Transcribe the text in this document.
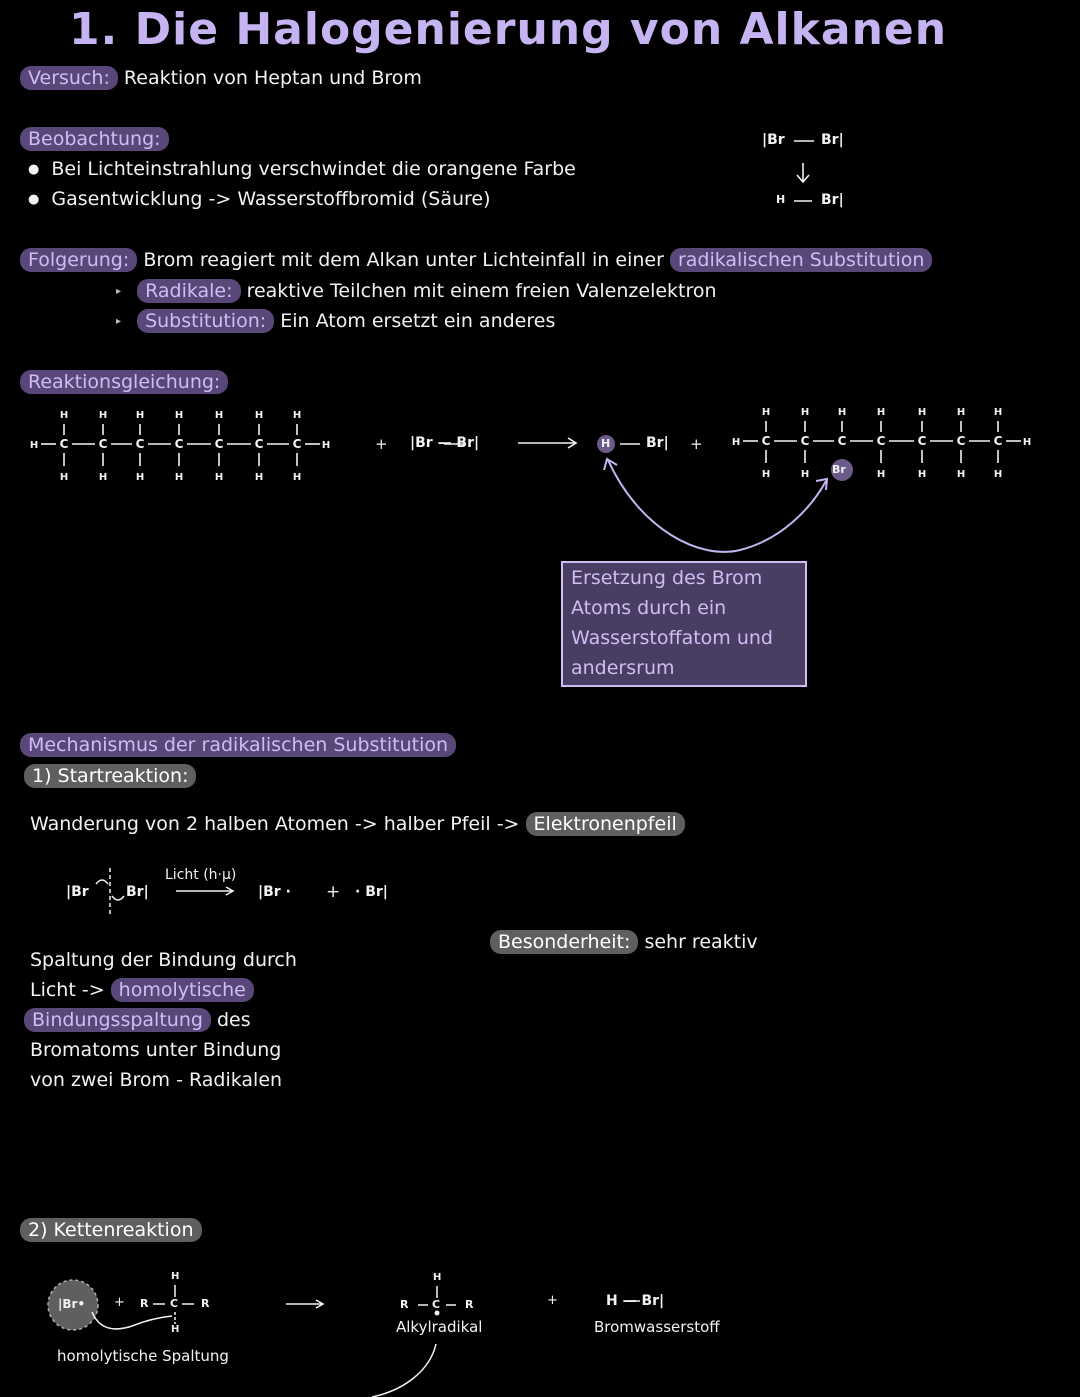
1. Die Halogenierung von Alkanen
Versuch: Reaktion von Heptan und Brom
Beobachtung:
● Bei Lichteinstrahlung verschwindet die orangene Farbe
● Gasentwicklung -> Wasserstoffbromid (Säure)
|Br	Br|
H	Br|
Folgerung: Brom reagiert mit dem Alkan unter Lichteinfall in einer radikalischen Substitution
▸ Radikale: reaktive Teilchen mit einem freien Valenzelektron
▸ Substitution: Ein Atom ersetzt ein anderes
Reaktionsgleichung:
H C
H
H
C
H
H
C
H
H
C
H
H
C
H
H
C
H
H
C
H
H
H	H C
H
H
C
H
H
C
H
C
H
H
C
H
H
C
H
H
C
H
H
H
+ |Br — Br|	H	Br| +
Br
Ersetzung des Brom Atoms durch ein Wasserstoffatom und andersrum
Mechanismus der radikalischen Substitution
1) Startreaktion:
Wanderung von 2 halben Atomen -> halber Pfeil -> Elektronenpfeil
|Br	Br|
Licht (h·μ)
|Br · + · Br|
Besonderheit: sehr reaktiv
Spaltung der Bindung durch
Licht -> homolytische
Bindungsspaltung des
Bromatoms unter Bindung
von zwei Brom - Radikalen
2) Kettenreaktion
|Br• + R C R
H
H
R C R
H
Alkylradikal
+	H — Br|
Bromwasserstoff
homolytische Spaltung
